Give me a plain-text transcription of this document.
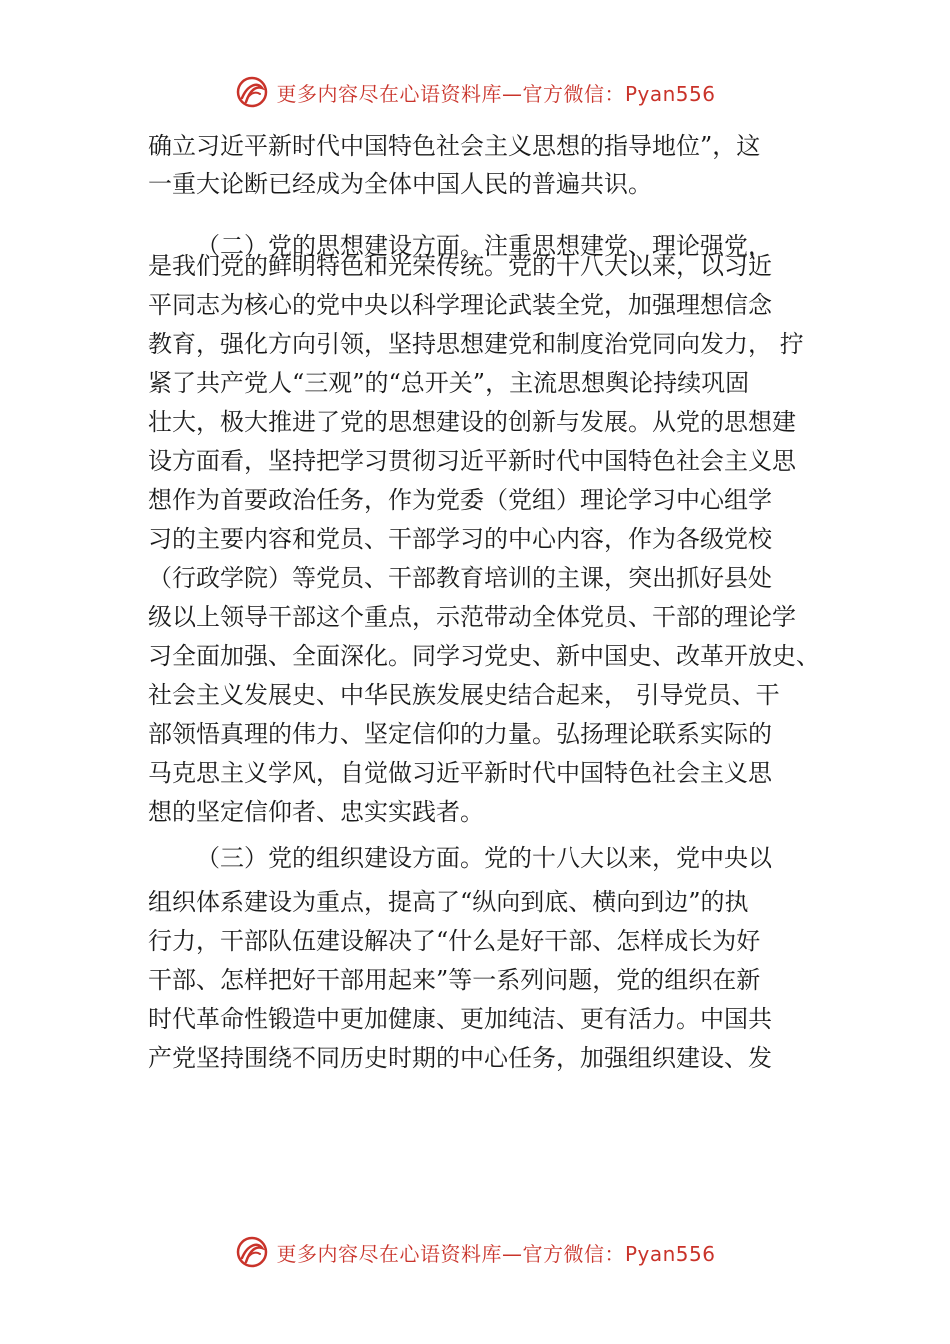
更多内容尽在心语资料库—官方微信：Pyan556
确立习近平新时代中国特色社会主义思想的指导地位”，这
一重大论断已经成为全体中国人民的普遍共识。
（二）党的思想建设方面。注重思想建党、理论强党，
是我们党的鲜明特色和光荣传统。党的十八大以来，以习近
平同志为核心的党中央以科学理论武装全党，加强理想信念
教育，强化方向引领，坚持思想建党和制度治党同向发力， 拧
紧了共产党人“三观”的“总开关”，主流思想舆论持续巩固
壮大，极大推进了党的思想建设的创新与发展。从党的思想建
设方面看，坚持把学习贯彻习近平新时代中国特色社会主义思
想作为首要政治任务，作为党委（党组）理论学习中心组学
习的主要内容和党员、干部学习的中心内容，作为各级党校
（行政学院）等党员、干部教育培训的主课，突出抓好县处
级以上领导干部这个重点，示范带动全体党员、干部的理论学
习全面加强、全面深化。同学习党史、新中国史、改革开放史、
社会主义发展史、中华民族发展史结合起来， 引导党员、干
部领悟真理的伟力、坚定信仰的力量。弘扬理论联系实际的
马克思主义学风，自觉做习近平新时代中国特色社会主义思
想的坚定信仰者、忠实实践者。
（三）党的组织建设方面。党的十八大以来，党中央以
组织体系建设为重点，提高了“纵向到底、横向到边”的执
行力，干部队伍建设解决了“什么是好干部、怎样成长为好
干部、怎样把好干部用起来”等一系列问题，党的组织在新
时代革命性锻造中更加健康、更加纯洁、更有活力。中国共
产党坚持围绕不同历史时期的中心任务，加强组织建设、发
更多内容尽在心语资料库—官方微信：Pyan556
